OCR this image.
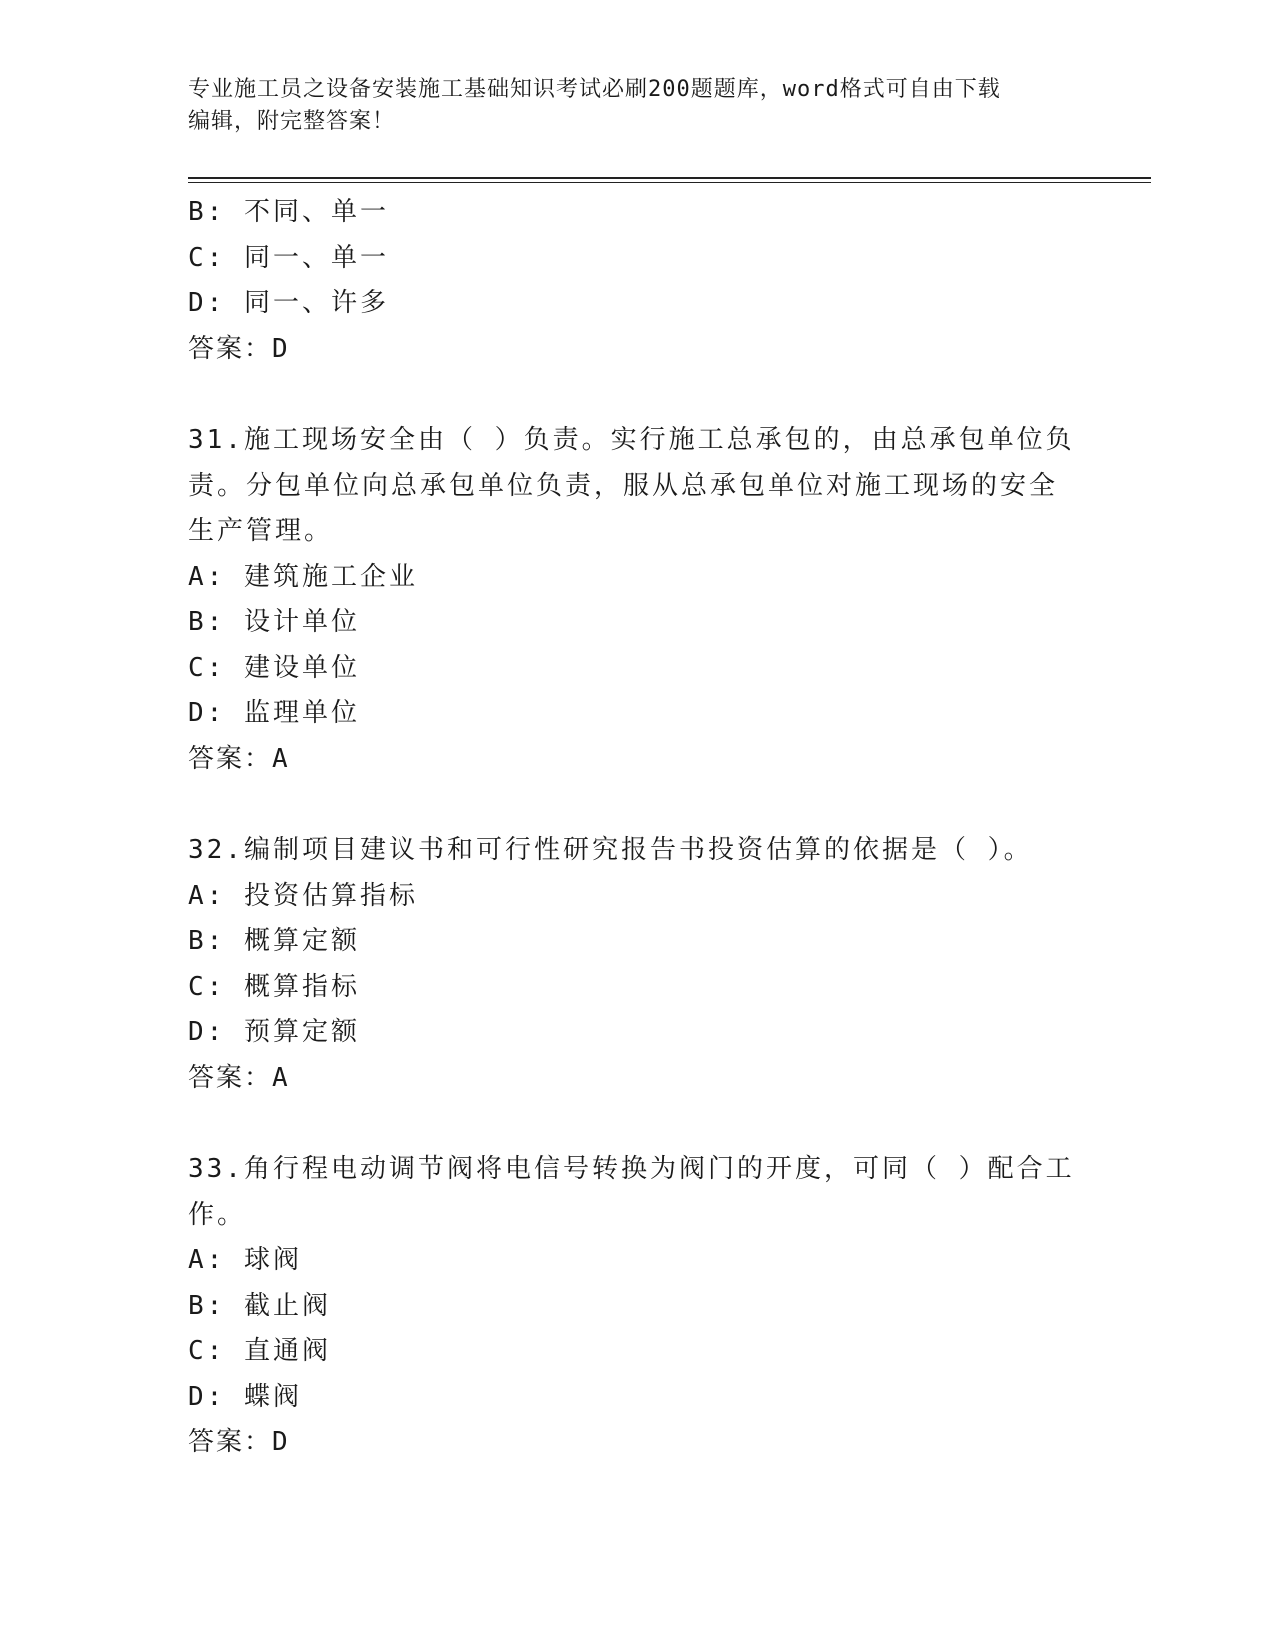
专业施工员之设备安装施工基础知识考试必刷200题题库，word格式可自由下载
编辑，附完整答案！
B: 不同、单一
C: 同一、单一
D: 同一、许多
答案：D
31.施工现场安全由（ ）负责。实行施工总承包的，由总承包单位负
责。分包单位向总承包单位负责，服从总承包单位对施工现场的安全
生产管理。
A: 建筑施工企业
B: 设计单位
C: 建设单位
D: 监理单位
答案：A
32.编制项目建议书和可行性研究报告书投资估算的依据是（ ）。
A: 投资估算指标
B: 概算定额
C: 概算指标
D: 预算定额
答案：A
33.角行程电动调节阀将电信号转换为阀门的开度，可同（ ）配合工
作。
A: 球阀
B: 截止阀
C: 直通阀
D: 蝶阀
答案：D
